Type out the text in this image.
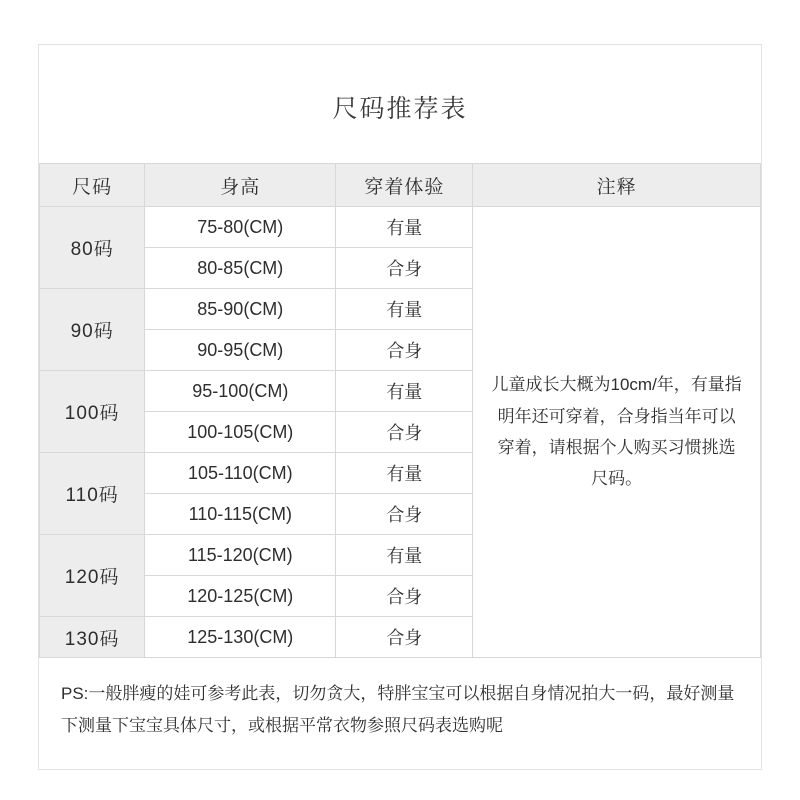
尺码推荐表
尺码	身高	穿着体验	注释
80码	75-80(CM)	有量	儿童成长大概为10cm/年，有量指明年还可穿着，合身指当年可以穿着，请根据个人购买习惯挑选尺码。
	80-85(CM)	合身	
90码	85-90(CM)	有量	
	90-95(CM)	合身	
100码	95-100(CM)	有量	
	100-105(CM)	合身	
110码	105-110(CM)	有量	
	110-115(CM)	合身	
120码	115-120(CM)	有量	
	120-125(CM)	合身	
130码	125-130(CM)	合身	
PS:一般胖瘦的娃可参考此表，切勿贪大，特胖宝宝可以根据自身情况拍大一码，最好测量下测量下宝宝具体尺寸，或根据平常衣物参照尺码表选购呢
